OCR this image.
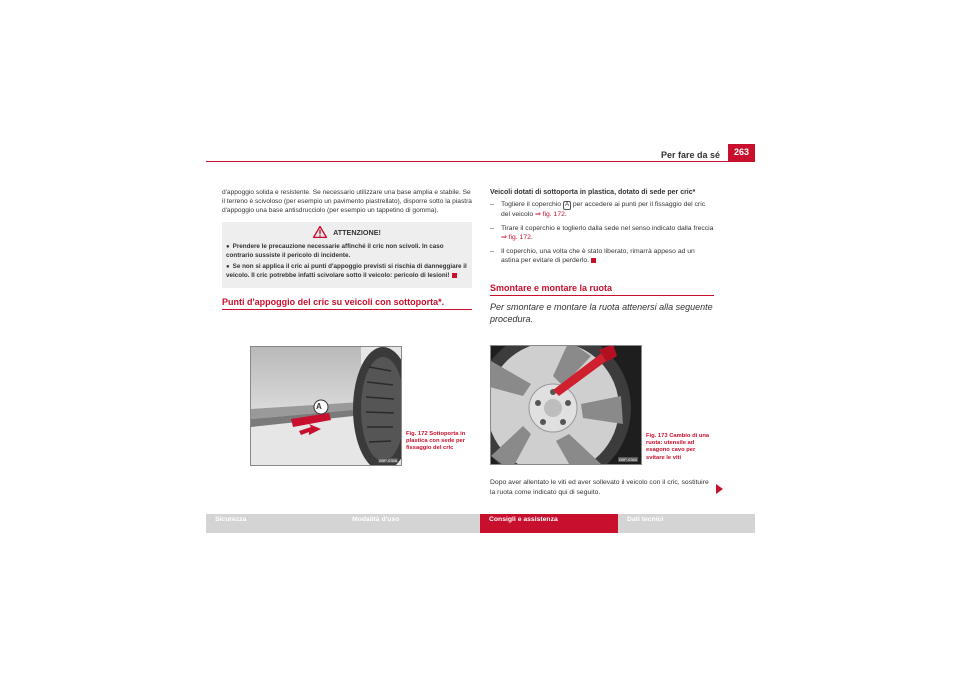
Per fare da sé	263

d'appoggio solida e resistente. Se necessario utilizzare una base amplia e stabile. Se il terreno è scivoloso (per esempio un pavimento piastrellato), disporre sotto la piastra d'appoggio una base antisdrucciolo (per esempio un tappetino di gomma).

ATTENZIONE!
● Prendere le precauzione necessarie affinché il cric non scivoli. In caso contrario sussiste il pericolo di incidente.
● Se non si applica il cric ai punti d'appoggio previsti si rischia di danneggiare il veicolo. Il cric potrebbe infatti scivolare sotto il veicolo: pericolo di lesioni!
Punti d'appoggio del cric su veicoli con sottoporta*.
A
B5P-0358
Fig. 172 Sottoporta in plastica con sede per fissaggio del cric
Veicoli dotati di sottoporta in plastica, dotato di sede per cric*
–	Togliere il coperchio A per accedere ai punti per il fissaggio del cric del veicolo ⇒ fig. 172.
–	Tirare il coperchio e toglierlo dalla sede nel senso indicato dalla freccia ⇒ fig. 172.
–	Il coperchio, una volta che è stato liberato, rimarrà appeso ad un astina per evitare di perderlo.
Smontare e montare la ruota

Per smontare e montare la ruota attenersi alla seguente procedura.

B5P-0360
Fig. 173 Cambio di una ruota: utensile ad esagono cavo per svitare le viti

Dopo aver allentato le viti ed aver sollevato il veicolo con il cric, sostituire la ruota come indicato qui di seguito.

Sicurezza	Modalità d'uso	Consigli e assistenza	Dati tecnici
